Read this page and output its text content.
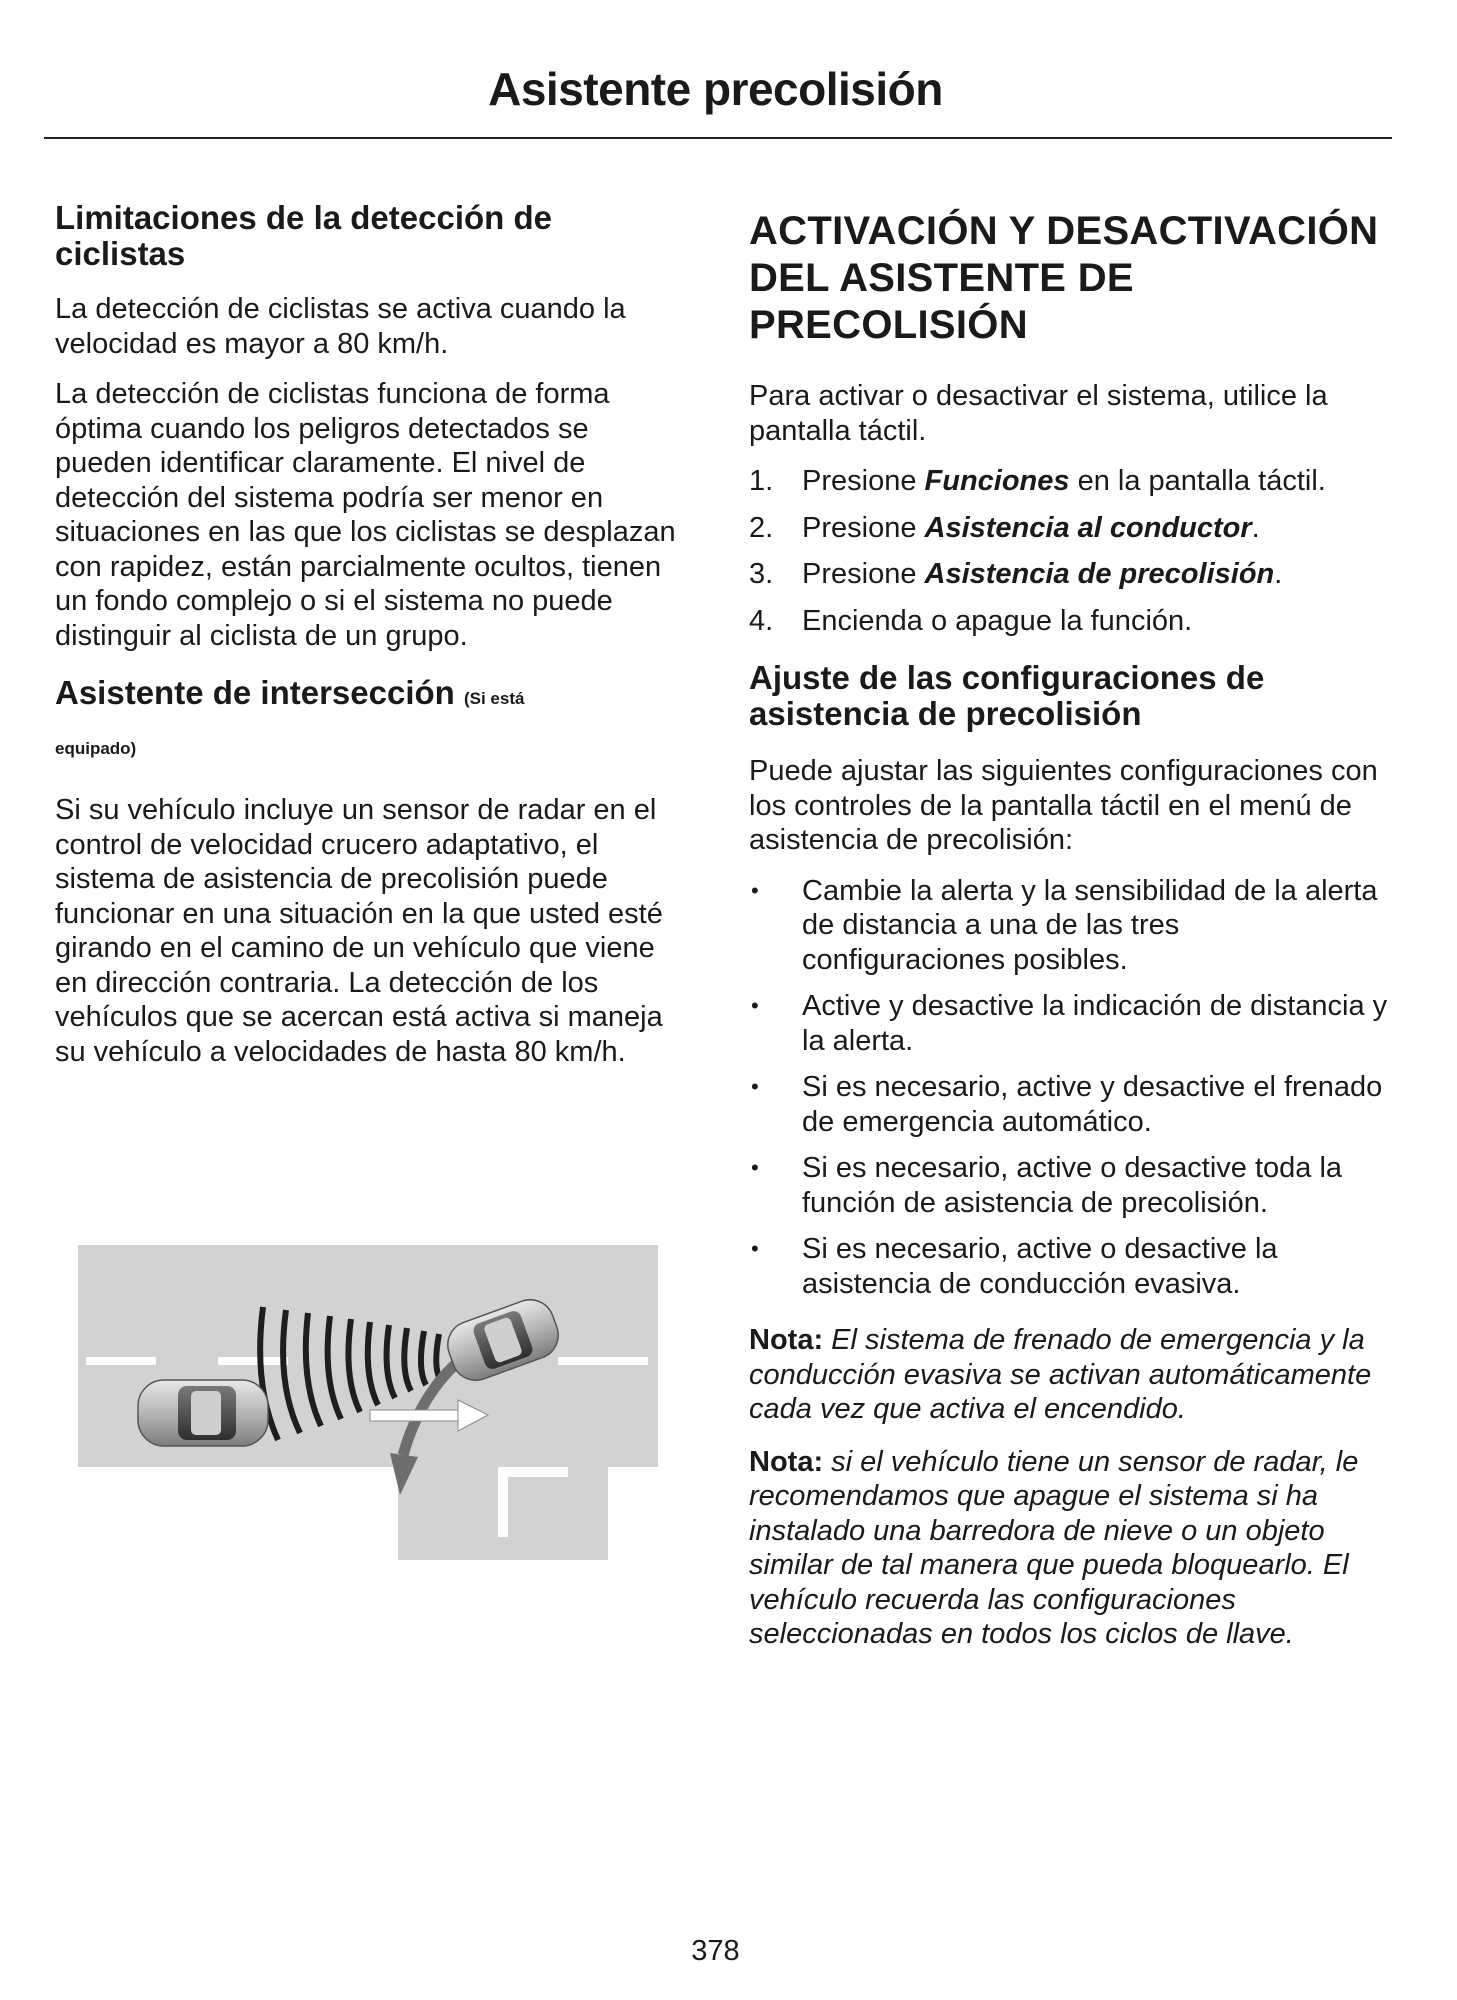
Asistente precolisión
Limitaciones de la detección de ciclistas

La detección de ciclistas se activa cuando la velocidad es mayor a 80 km/h.

La detección de ciclistas funciona de forma óptima cuando los peligros detectados se pueden identificar claramente. El nivel de detección del sistema podría ser menor en situaciones en las que los ciclistas se desplazan con rapidez, están parcialmente ocultos, tienen un fondo complejo o si el sistema no puede distinguir al ciclista de un grupo.

Asistente de intersección (Si está
equipado)

Si su vehículo incluye un sensor de radar en el control de velocidad crucero adaptativo, el sistema de asistencia de precolisión puede funcionar en una situación en la que usted esté girando en el camino de un vehículo que viene en dirección contraria. La detección de los vehículos que se acercan está activa si maneja su vehículo a velocidades de hasta 80 km/h.

ACTIVACIÓN Y DESACTIVACIÓN DEL ASISTENTE DE PRECOLISIÓN

Para activar o desactivar el sistema, utilice la pantalla táctil.

1. Presione Funciones en la pantalla táctil.
2. Presione Asistencia al conductor.
3. Presione Asistencia de precolisión.
4. Encienda o apague la función.
Ajuste de las configuraciones de asistencia de precolisión

Puede ajustar las siguientes configuraciones con los controles de la pantalla táctil en el menú de asistencia de precolisión:

• Cambie la alerta y la sensibilidad de la alerta de distancia a una de las tres configuraciones posibles.
• Active y desactive la indicación de distancia y la alerta.
• Si es necesario, active y desactive el frenado de emergencia automático.
• Si es necesario, active o desactive toda la función de asistencia de precolisión.
• Si es necesario, active o desactive la asistencia de conducción evasiva.

Nota: El sistema de frenado de emergencia y la conducción evasiva se activan automáticamente cada vez que activa el encendido.

Nota: si el vehículo tiene un sensor de radar, le recomendamos que apague el sistema si ha instalado una barredora de nieve o un objeto similar de tal manera que pueda bloquearlo. El vehículo recuerda las configuraciones seleccionadas en todos los ciclos de llave.

378
